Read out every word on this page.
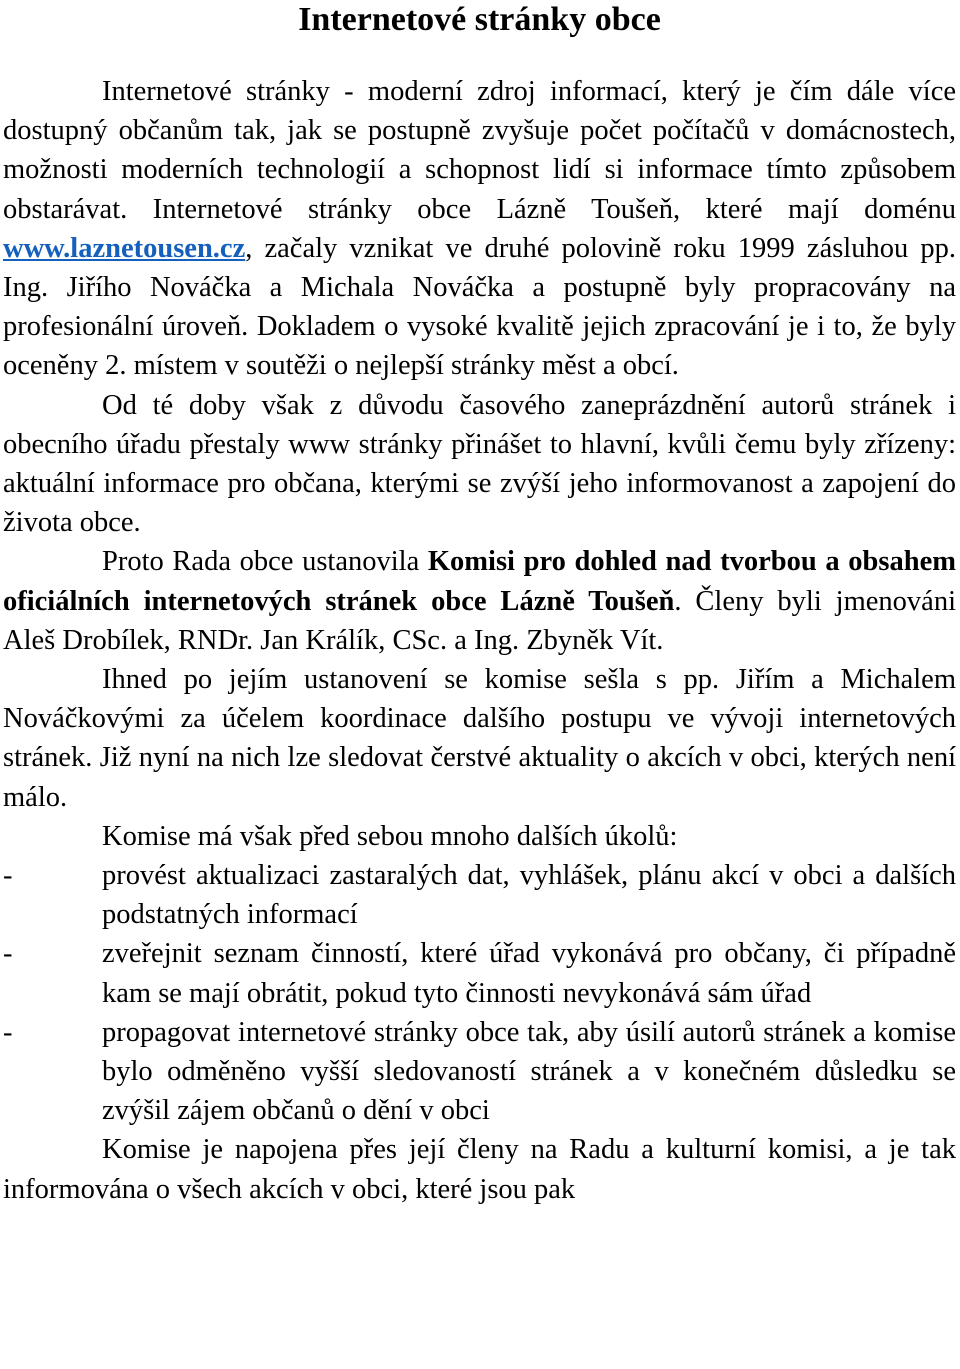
Internetové stránky obce

Internetové stránky - moderní zdroj informací, který je čím dále více dostupný občanům tak, jak se postupně zvyšuje počet počítačů v domácnostech, možnosti moderních technologií a schopnost lidí si informace tímto způsobem obstarávat. Internetové stránky obce Lázně Toušeň, které mají doménu www.laznetousen.cz, začaly vznikat ve druhé polovině roku 1999 zásluhou pp. Ing. Jiřího Nováčka a Michala Nováčka a postupně byly propracovány na profesionální úroveň. Dokladem o vysoké kvalitě jejich zpracování je i to, že byly oceněny 2. místem v soutěži o nejlepší stránky měst a obcí.

Od té doby však z důvodu časového zaneprázdnění autorů stránek i obecního úřadu přestaly www stránky přinášet to hlavní, kvůli čemu byly zřízeny: aktuální informace pro občana, kterými se zvýší jeho informovanost a zapojení do života obce.

Proto Rada obce ustanovila Komisi pro dohled nad tvorbou a obsahem oficiálních internetových stránek obce Lázně Toušeň. Členy byli jmenováni Aleš Drobílek, RNDr. Jan Králík, CSc. a Ing. Zbyněk Vít.

Ihned po jejím ustanovení se komise sešla s pp. Jiřím a Michalem Nováčkovými za účelem koordinace dalšího postupu ve vývoji internetových stránek. Již nyní na nich lze sledovat čerstvé aktuality o akcích v obci, kterých není málo.

Komise má však před sebou mnoho dalších úkolů:

-	provést aktualizaci zastaralých dat, vyhlášek, plánu akcí v obci a dalších podstatných informací
-	zveřejnit seznam činností, které úřad vykonává pro občany, či případně kam se mají obrátit, pokud tyto činnosti nevykonává sám úřad
-	propagovat internetové stránky obce tak, aby úsilí autorů stránek a komise bylo odměněno vyšší sledovaností stránek a v konečném důsledku se zvýšil zájem občanů o dění v obci

Komise je napojena přes její členy na Radu a kulturní komisi, a je tak informována o všech akcích v obci, které jsou pak
